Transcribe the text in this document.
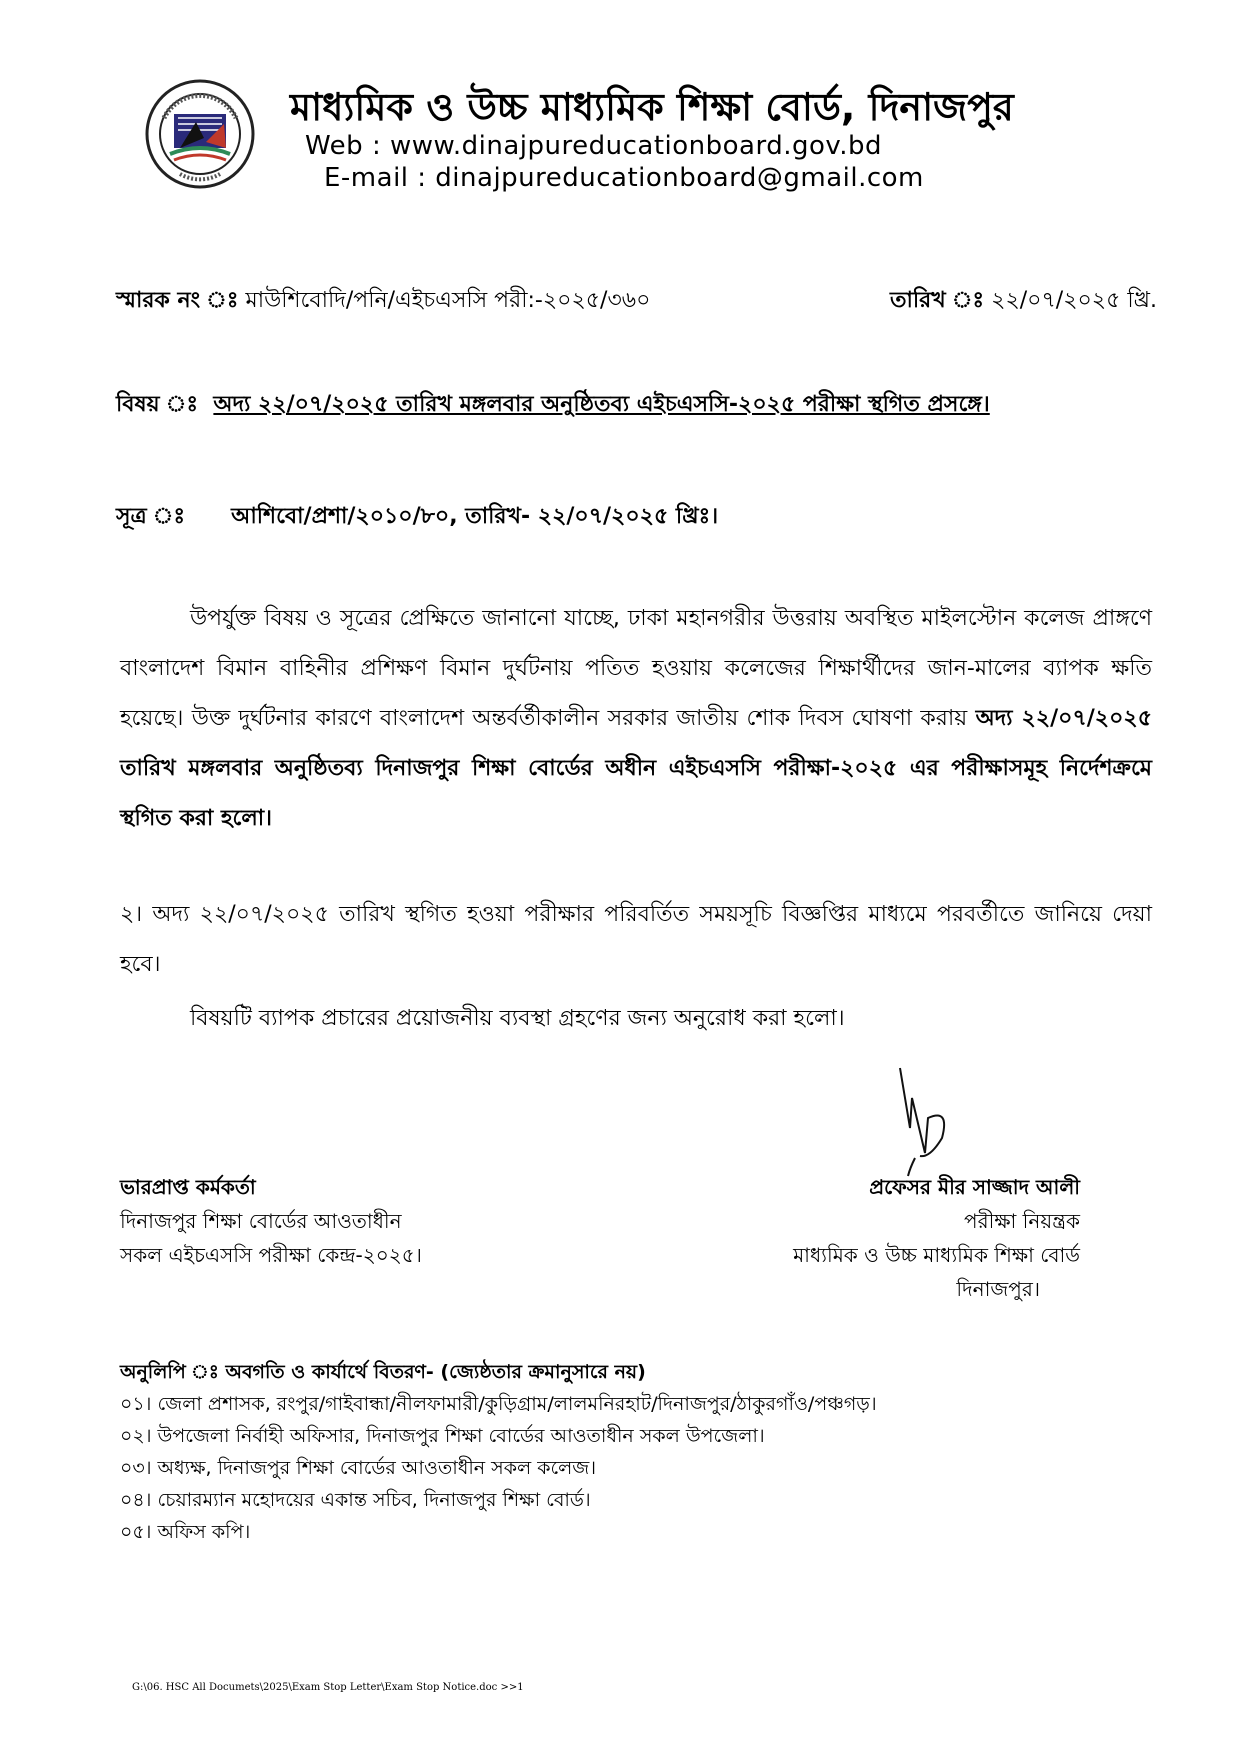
মাধ্যমিক ও উচ্চ মাধ্যমিক শিক্ষা বোর্ড, দিনাজপুর
Web : www.dinajpureducationboard.gov.bd
E-mail : dinajpureducationboard@gmail.com
স্মারক নং ঃ মাউশিবোদি/পনি/এইচএসসি পরী:-২০২৫/৩৬০	তারিখ ঃ ২২/০৭/২০২৫ খ্রি.
বিষয় ঃ অদ্য ২২/০৭/২০২৫ তারিখ মঙ্গলবার অনুষ্ঠিতব্য এইচএসসি-২০২৫ পরীক্ষা স্থগিত প্রসঙ্গে।
সূত্র ঃ আশিবো/প্রশা/২০১০/৮০, তারিখ- ২২/০৭/২০২৫ খ্রিঃ।
উপর্যুক্ত বিষয় ও সূত্রের প্রেক্ষিতে জানানো যাচ্ছে, ঢাকা মহানগরীর উত্তরায় অবস্থিত মাইলস্টোন কলেজ প্রাঙ্গণে বাংলাদেশ বিমান বাহিনীর প্রশিক্ষণ বিমান দুর্ঘটনায় পতিত হওয়ায় কলেজের শিক্ষার্থীদের জান-মালের ব্যাপক ক্ষতি হয়েছে। উক্ত দুর্ঘটনার কারণে বাংলাদেশ অন্তর্বর্তীকালীন সরকার জাতীয় শোক দিবস ঘোষণা করায় অদ্য ২২/০৭/২০২৫ তারিখ মঙ্গলবার অনুষ্ঠিতব্য দিনাজপুর শিক্ষা বোর্ডের অধীন এইচএসসি পরীক্ষা-২০২৫ এর পরীক্ষাসমূহ নির্দেশক্রমে স্থগিত করা হলো।
২। অদ্য ২২/০৭/২০২৫ তারিখ স্থগিত হওয়া পরীক্ষার পরিবর্তিত সময়সূচি বিজ্ঞপ্তির মাধ্যমে পরবর্তীতে জানিয়ে দেয়া হবে।
বিষয়টি ব্যাপক প্রচারের প্রয়োজনীয় ব্যবস্থা গ্রহণের জন্য অনুরোধ করা হলো।
ভারপ্রাপ্ত কর্মকর্তা
দিনাজপুর শিক্ষা বোর্ডের আওতাধীন
সকল এইচএসসি পরীক্ষা কেন্দ্র-২০২৫।
প্রফেসর মীর সাজ্জাদ আলী
পরীক্ষা নিয়ন্ত্রক
মাধ্যমিক ও উচ্চ মাধ্যমিক শিক্ষা বোর্ড
দিনাজপুর।
অনুলিপি ঃ অবগতি ও কার্যার্থে বিতরণ- (জ্যেষ্ঠতার ক্রমানুসারে নয়)
০১। জেলা প্রশাসক, রংপুর/গাইবান্ধা/নীলফামারী/কুড়িগ্রাম/লালমনিরহাট/দিনাজপুর/ঠাকুরগাঁও/পঞ্চগড়।
০২। উপজেলা নির্বাহী অফিসার, দিনাজপুর শিক্ষা বোর্ডের আওতাধীন সকল উপজেলা।
০৩। অধ্যক্ষ, দিনাজপুর শিক্ষা বোর্ডের আওতাধীন সকল কলেজ।
০৪। চেয়ারম্যান মহোদয়ের একান্ত সচিব, দিনাজপুর শিক্ষা বোর্ড।
০৫। অফিস কপি।
G:\06. HSC All Documets\2025\Exam Stop Letter\Exam Stop Notice.doc >>1
